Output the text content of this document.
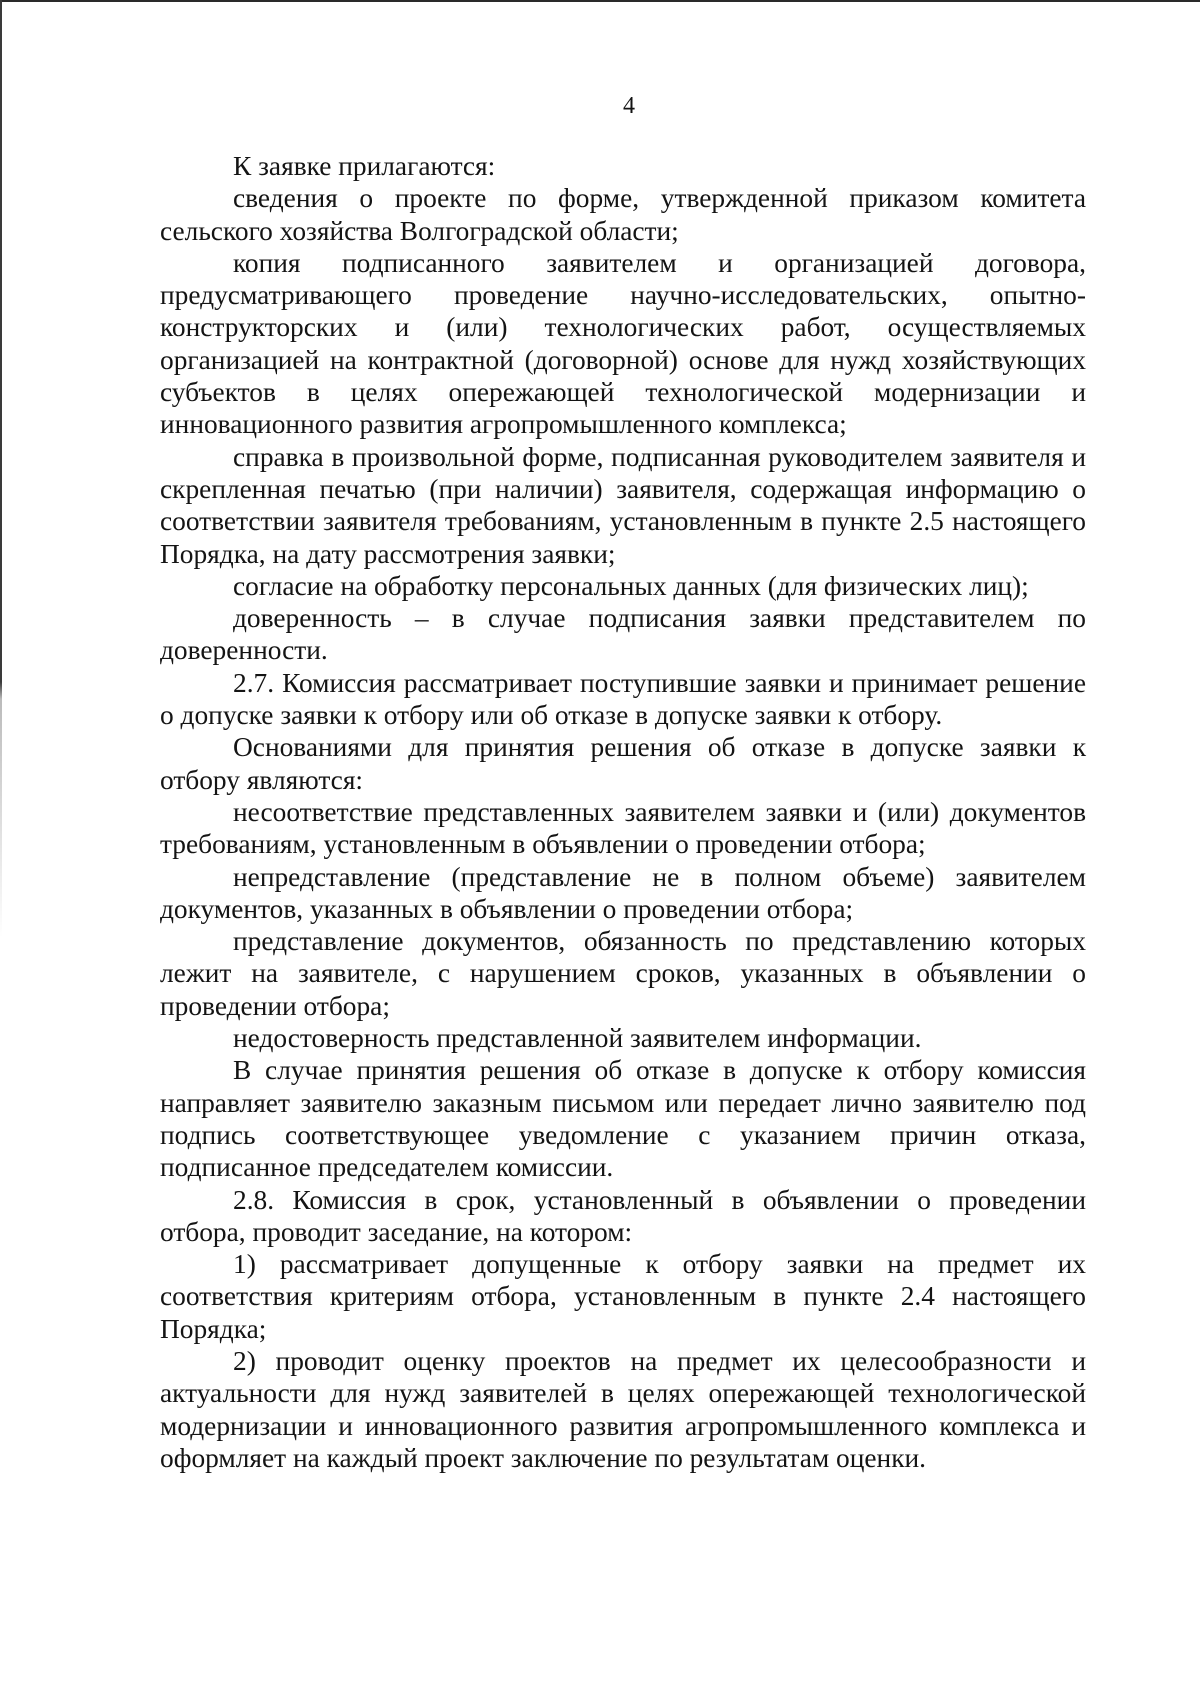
4

К заявке прилагаются:

сведения о проекте по форме, утвержденной приказом комитета сельского хозяйства Волгоградской области;

копия подписанного заявителем и организацией договора, предусматривающего проведение научно-исследовательских, опытно-конструкторских и (или) технологических работ, осуществляемых организацией на контрактной (договорной) основе для нужд хозяйствующих субъектов в целях опережающей технологической модернизации и инновационного развития агропромышленного комплекса;

справка в произвольной форме, подписанная руководителем заявителя и скрепленная печатью (при наличии) заявителя, содержащая информацию о соответствии заявителя требованиям, установленным в пункте 2.5 настоящего Порядка, на дату рассмотрения заявки;

согласие на обработку персональных данных (для физических лиц);

доверенность – в случае подписания заявки представителем по доверенности.

2.7. Комиссия рассматривает поступившие заявки и принимает решение о допуске заявки к отбору или об отказе в допуске заявки к отбору.

Основаниями для принятия решения об отказе в допуске заявки к отбору являются:

несоответствие представленных заявителем заявки и (или) документов требованиям, установленным в объявлении о проведении отбора;

непредставление (представление не в полном объеме) заявителем документов, указанных в объявлении о проведении отбора;

представление документов, обязанность по представлению которых лежит на заявителе, с нарушением сроков, указанных в объявлении о проведении отбора;

недостоверность представленной заявителем информации.

В случае принятия решения об отказе в допуске к отбору комиссия направляет заявителю заказным письмом или передает лично заявителю под подпись соответствующее уведомление с указанием причин отказа, подписанное председателем комиссии.

2.8. Комиссия в срок, установленный в объявлении о проведении отбора, проводит заседание, на котором:

1) рассматривает допущенные к отбору заявки на предмет их соответствия критериям отбора, установленным в пункте 2.4 настоящего Порядка;

2) проводит оценку проектов на предмет их целесообразности и актуальности для нужд заявителей в целях опережающей технологической модернизации и инновационного развития агропромышленного комплекса и оформляет на каждый проект заключение по результатам оценки.
